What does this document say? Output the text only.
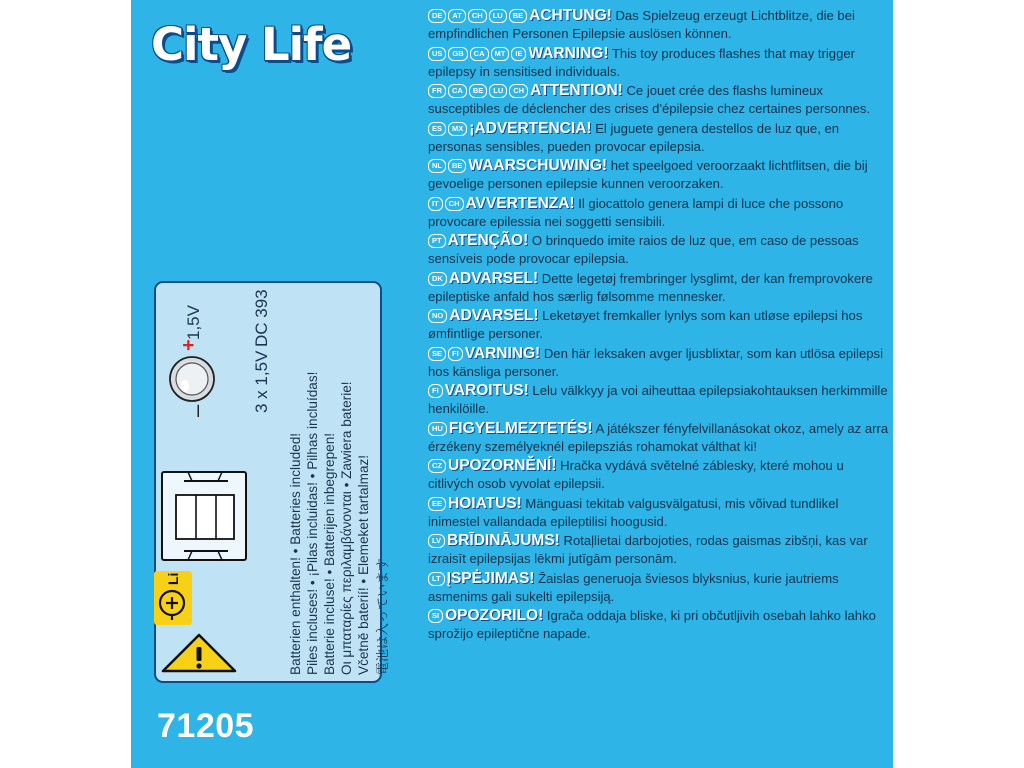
City Life
Batterien enthalten! • Batteries included! Piles incluses! • ¡Pilas incluidas! • Pilhas incluídas! Batterie incluse! • Batterijen inbegrepen! Οι μπαταρίες περιλαμβάνονται • Zawiera baterie! Včetně baterií! • Elemeket tartalmaz! 電池は入っています
Li
–
+
1,5V
3 x 1,5V
DC 393
71205
DE AT CH LU BE ACHTUNG! Das Spielzeug erzeugt Lichtblitze, die bei empfindlichen Personen Epilepsie auslösen können.
US GB CA MT IE WARNING! This toy produces flashes that may trigger epilepsy in sensitised individuals.
FR CA BE LU CH ATTENTION! Ce jouet crée des flashs lumineux susceptibles de déclencher des crises d'épilepsie chez certaines personnes.
ES MX ¡ADVERTENCIA! El juguete genera destellos de luz que, en personas sensibles, pueden provocar epilepsia.
NL BE WAARSCHUWING! het speelgoed veroorzaakt lichtflitsen, die bij gevoelige personen epilepsie kunnen veroorzaken.
IT CH AVVERTENZA! Il giocattolo genera lampi di luce che possono provocare epilessia nei soggetti sensibili.
PT ATENÇÃO! O brinquedo imite raios de luz que, em caso de pessoas sensíveis pode provocar epilepsia.
DK ADVARSEL! Dette legetøj frembringer lysglimt, der kan fremprovokere epileptiske anfald hos særlig følsomme mennesker.
NO ADVARSEL! Leketøyet fremkaller lynlys som kan utløse epilepsi hos ømfintlige personer.
SE FI VARNING! Den här leksaken avger ljusblixtar, som kan utlösa epilepsi hos känsliga personer.
FI VAROITUS! Lelu välkkyy ja voi aiheuttaa epilepsiakohtauksen herkimmille henkilöille.
HU FIGYELMEZTETÉS! A játékszer fényfelvillanásokat okoz, amely az arra érzékeny személyeknél epilepsziás rohamokat válthat ki!
CZ UPOZORNĚNÍ! Hračka vydává světelné záblesky, které mohou u citlivých osob vyvolat epilepsii.
EE HOIATUS! Mänguasi tekitab valgusvälgatusi, mis võivad tundlikel inimestel vallandada epileptilisi hoogusid.
LV BRĪDINĀJUMS! Rotaļlietai darbojoties, rodas gaismas zibšņi, kas var izraisīt epilepsijas lēkmi jutīgām personām.
LT ĮSPĖJIMAS! Žaislas generuoja šviesos blyksnius, kurie jautriems asmenims gali sukelti epilepsiją.
SI OPOZORILO! Igrača oddaja bliske, ki pri občutljivih osebah lahko lahko sprožijo epileptične napade.
